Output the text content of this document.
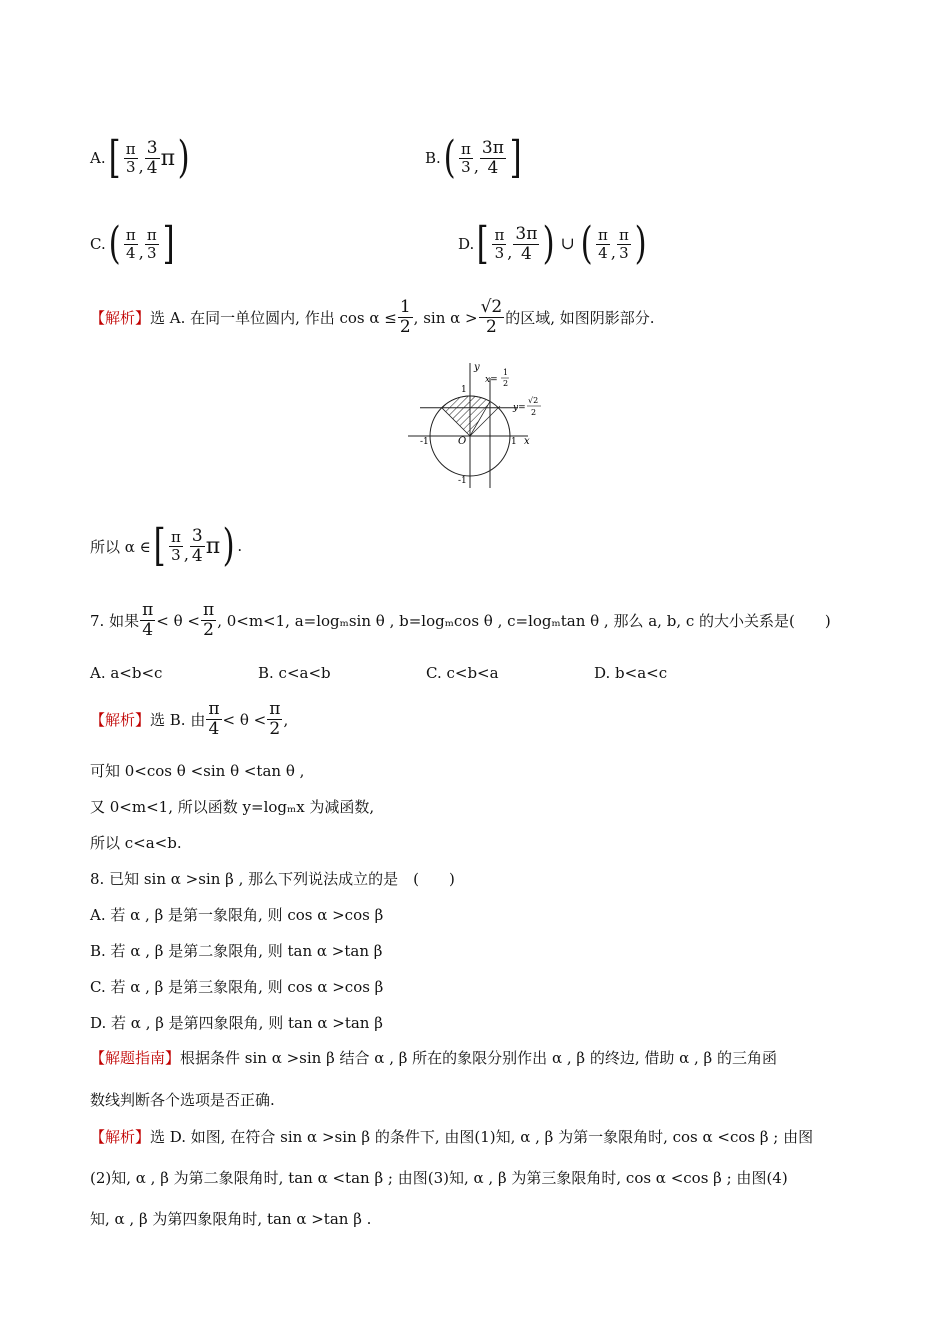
A. [ $\frac{\pi}{3}$ , $\frac{3}{4}$ π )	B. ( $\frac{\pi}{3}$ , $\frac{3\pi}{4}$ ]
C. ( $\frac{\pi}{4}$ , $\frac{\pi}{3}$ ]	D. [ $\frac{\pi}{3}$ , $\frac{3\pi}{4}$ ) ∪ ( $\frac{\pi}{4}$ , $\frac{\pi}{3}$ )
【解析】 选 A. 在同一单位圆内, 作出 $\cos \alpha \le \frac{1}{2}$ , $\sin \alpha > \frac{√2}{2}$ 的区域, 如图阴影部分.
y
x
O
1
-1	1
-1
x=
1
2
y=
√2
2
所以 α ∈ [ $\frac{\pi}{3}$ , $\frac{3}{4}$ π ) .
7. 如果 $\frac{\pi}{4} < \theta < \frac{\pi}{2}$ , 0<m<1, a=logₘsin θ , b=logₘcos θ , c=logₘtan θ , 那么 a, b, c 的大小关系是(　　)
A. a<b<c	B. c<a<b	C. c<b<a	D. b<a<c
【解析】 选 B. 由 $\frac{\pi}{4} < \theta < \frac{\pi}{2}$ ,
可知 0<cos θ <sin θ <tan θ ,
又 0<m<1, 所以函数 y=logₘx 为减函数,
所以 c<a<b.
8. 已知 sin α >sin β , 那么下列说法成立的是　(　　)
A. 若 α , β 是第一象限角, 则 cos α >cos β
B. 若 α , β 是第二象限角, 则 tan α >tan β
C. 若 α , β 是第三象限角, 则 cos α >cos β
D. 若 α , β 是第四象限角, 则 tan α >tan β
【解题指南】根据条件 sin α >sin β 结合 α , β 所在的象限分别作出 α , β 的终边, 借助 α , β 的三角函
数线判断各个选项是否正确.
【解析】选 D. 如图, 在符合 sin α >sin β 的条件下, 由图(1)知, α , β 为第一象限角时, cos α <cos β ; 由图
(2)知, α , β 为第二象限角时, tan α <tan β ; 由图(3)知, α , β 为第三象限角时, cos α <cos β ; 由图(4)
知, α , β 为第四象限角时, tan α >tan β .
